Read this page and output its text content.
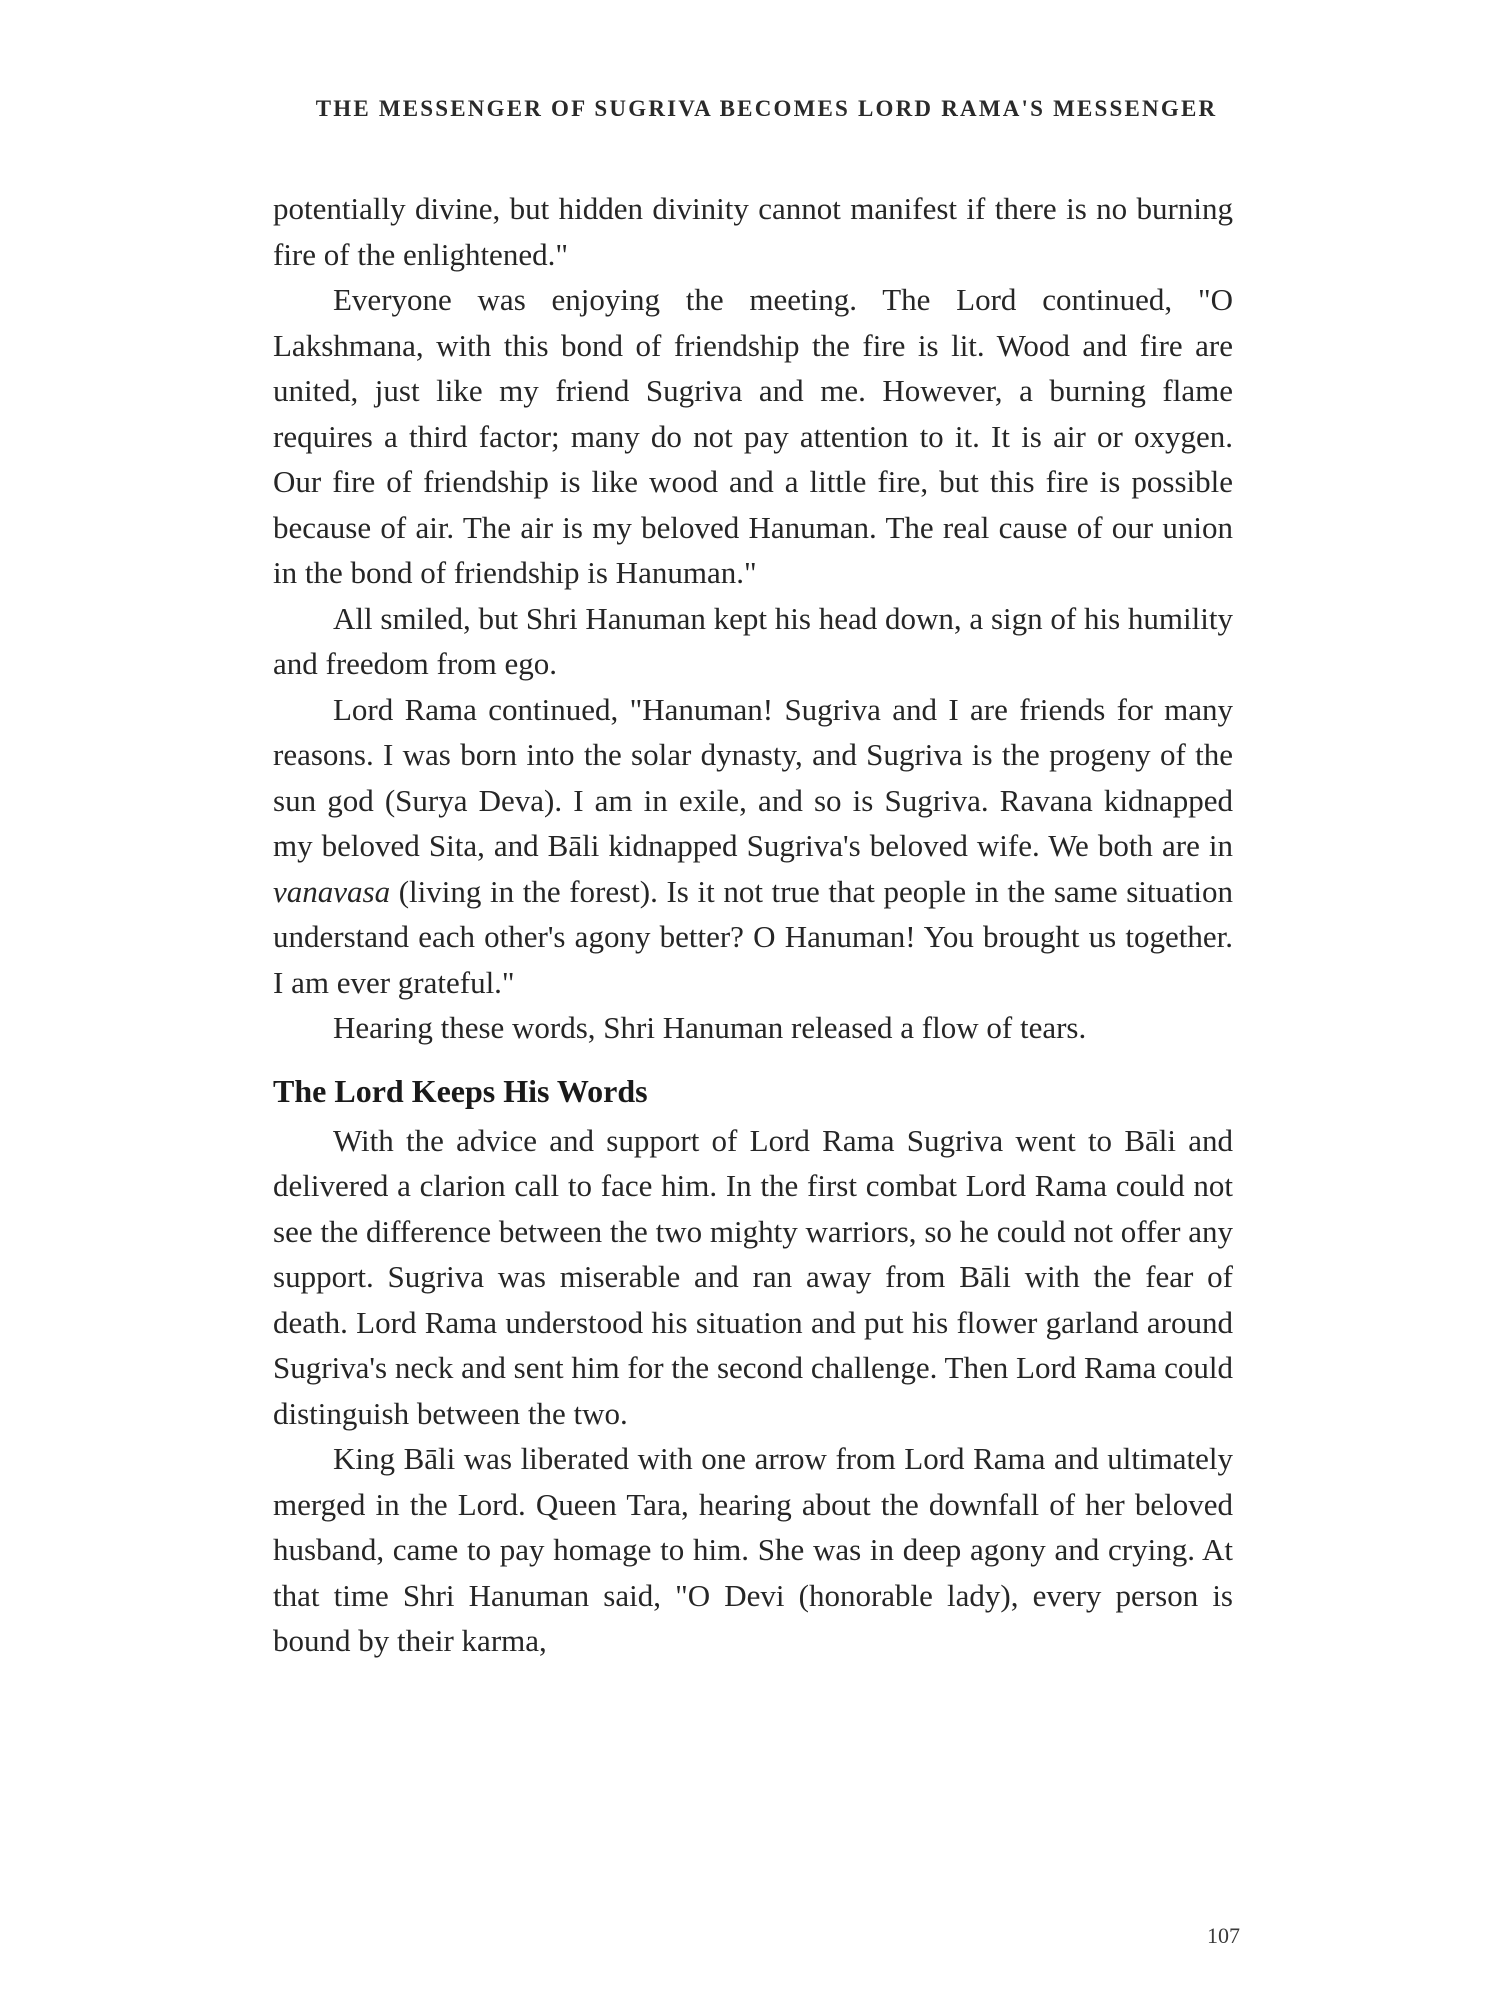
THE MESSENGER OF SUGRIVA BECOMES LORD RAMA'S MESSENGER

potentially divine, but hidden divinity cannot manifest if there is no burning fire of the enlightened."

Everyone was enjoying the meeting. The Lord continued, "O Lakshmana, with this bond of friendship the fire is lit. Wood and fire are united, just like my friend Sugriva and me. However, a burning flame requires a third factor; many do not pay attention to it. It is air or oxygen. Our fire of friendship is like wood and a little fire, but this fire is possible because of air. The air is my beloved Hanuman. The real cause of our union in the bond of friendship is Hanuman."

All smiled, but Shri Hanuman kept his head down, a sign of his humility and freedom from ego.

Lord Rama continued, "Hanuman! Sugriva and I are friends for many reasons. I was born into the solar dynasty, and Sugriva is the progeny of the sun god (Surya Deva). I am in exile, and so is Sugriva. Ravana kidnapped my beloved Sita, and Bāli kidnapped Sugriva's beloved wife. We both are in vanavasa (living in the forest). Is it not true that people in the same situation understand each other's agony better? O Hanuman! You brought us together. I am ever grateful."

Hearing these words, Shri Hanuman released a flow of tears.

The Lord Keeps His Words

With the advice and support of Lord Rama Sugriva went to Bāli and delivered a clarion call to face him. In the first combat Lord Rama could not see the difference between the two mighty warriors, so he could not offer any support. Sugriva was miserable and ran away from Bāli with the fear of death. Lord Rama understood his situation and put his flower garland around Sugriva's neck and sent him for the second challenge. Then Lord Rama could distinguish between the two.

King Bāli was liberated with one arrow from Lord Rama and ultimately merged in the Lord. Queen Tara, hearing about the downfall of her beloved husband, came to pay homage to him. She was in deep agony and crying. At that time Shri Hanuman said, "O Devi (honorable lady), every person is bound by their karma,

107
